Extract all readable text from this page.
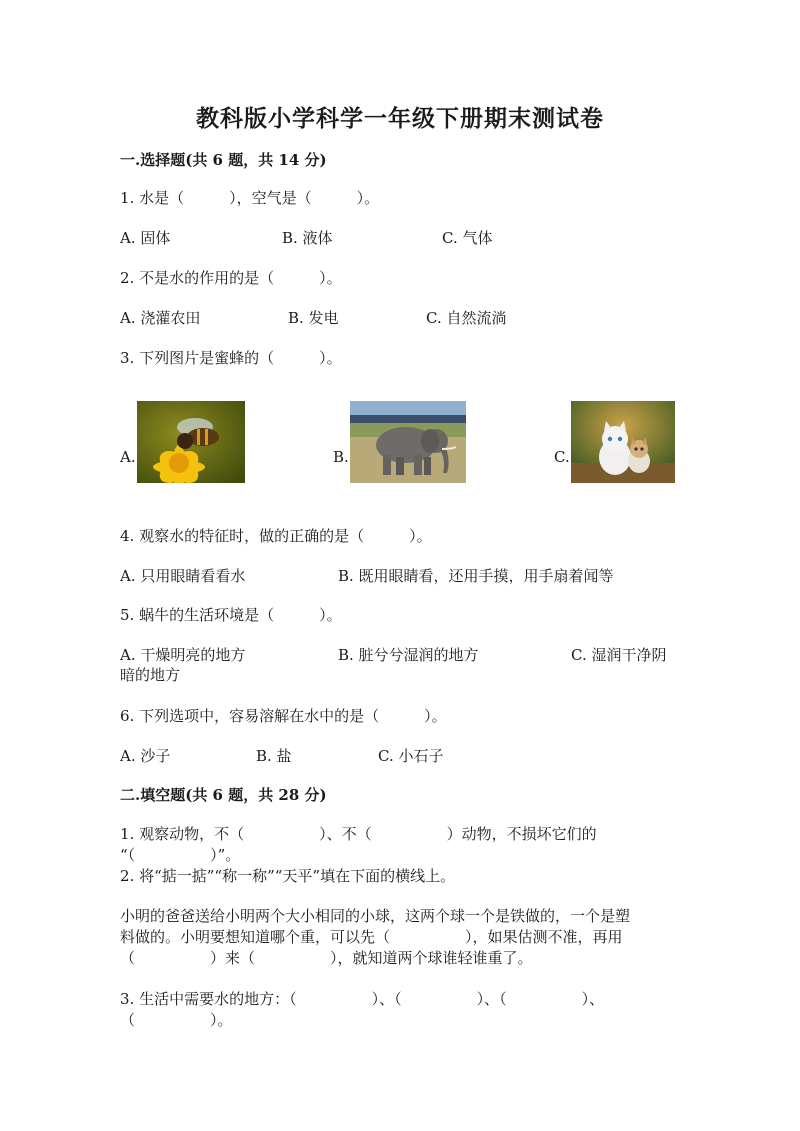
教科版小学科学一年级下册期末测试卷
一.选择题(共 6 题，共 14 分)
1. 水是（　　　），空气是（　　　）。
A. 固体	B. 液体	C. 气体
2. 不是水的作用的是（　　　）。
A. 浇灌农田	B. 发电	C. 自然流淌
3. 下列图片是蜜蜂的（　　　）。
A.	B.	C.
4. 观察水的特征时，做的正确的是（　　　）。
A. 只用眼睛看看水	B. 既用眼睛看，还用手摸，用手扇着闻等
5. 蜗牛的生活环境是（　　　）。
A. 干燥明亮的地方	B. 脏兮兮湿润的地方	C. 湿润干净阴
暗的地方
6. 下列选项中，容易溶解在水中的是（　　　）。
A. 沙子	B. 盐	C. 小石子
二.填空题(共 6 题，共 28 分)
1. 观察动物，不（　　　　　）、不（　　　　　）动物，不损坏它们的
“（　　　　　）”。
2. 将“掂一掂”“称一称”“天平”填在下面的横线上。
小明的爸爸送给小明两个大小相同的小球，这两个球一个是铁做的，一个是塑
料做的。小明要想知道哪个重，可以先（　　　　　），如果估测不准，再用
（　　　　　）来（　　　　　），就知道两个球谁轻谁重了。
3. 生活中需要水的地方：（　　　　　）、（　　　　　）、（　　　　　）、
（　　　　　）。
